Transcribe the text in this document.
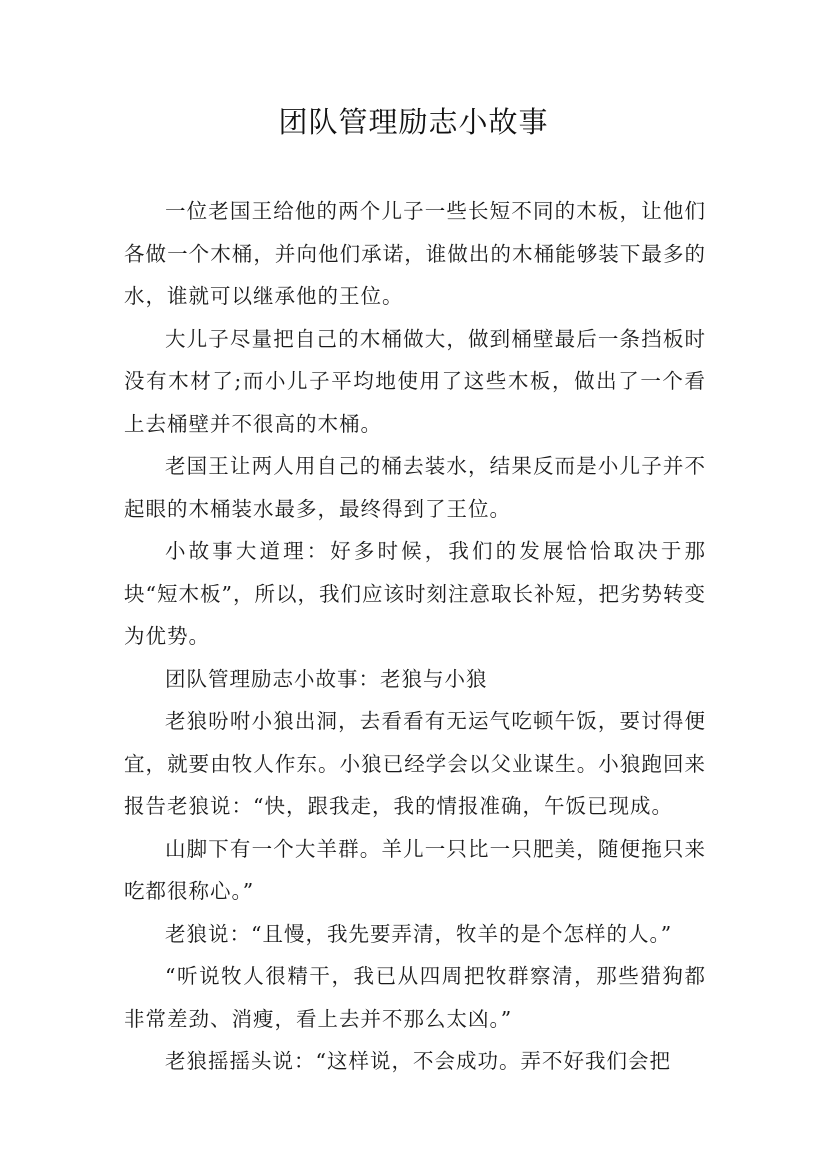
团队管理励志小故事

一位老国王给他的两个儿子一些长短不同的木板，让他们各做一个木桶，并向他们承诺，谁做出的木桶能够装下最多的水，谁就可以继承他的王位。

大儿子尽量把自己的木桶做大，做到桶壁最后一条挡板时没有木材了;而小儿子平均地使用了这些木板，做出了一个看上去桶壁并不很高的木桶。

老国王让两人用自己的桶去装水，结果反而是小儿子并不起眼的木桶装水最多，最终得到了王位。

小故事大道理：好多时候，我们的发展恰恰取决于那块“短木板”，所以，我们应该时刻注意取长补短，把劣势转变为优势。

团队管理励志小故事：老狼与小狼

老狼吩咐小狼出洞，去看看有无运气吃顿午饭，要讨得便宜，就要由牧人作东。小狼已经学会以父业谋生。小狼跑回来报告老狼说：“快，跟我走，我的情报准确，午饭已现成。

山脚下有一个大羊群。羊儿一只比一只肥美，随便拖只来吃都很称心。”

老狼说：“且慢，我先要弄清，牧羊的是个怎样的人。”

“听说牧人很精干，我已从四周把牧群察清，那些猎狗都非常差劲、消瘦，看上去并不那么太凶。”

老狼摇摇头说：“这样说，不会成功。弄不好我们会把
